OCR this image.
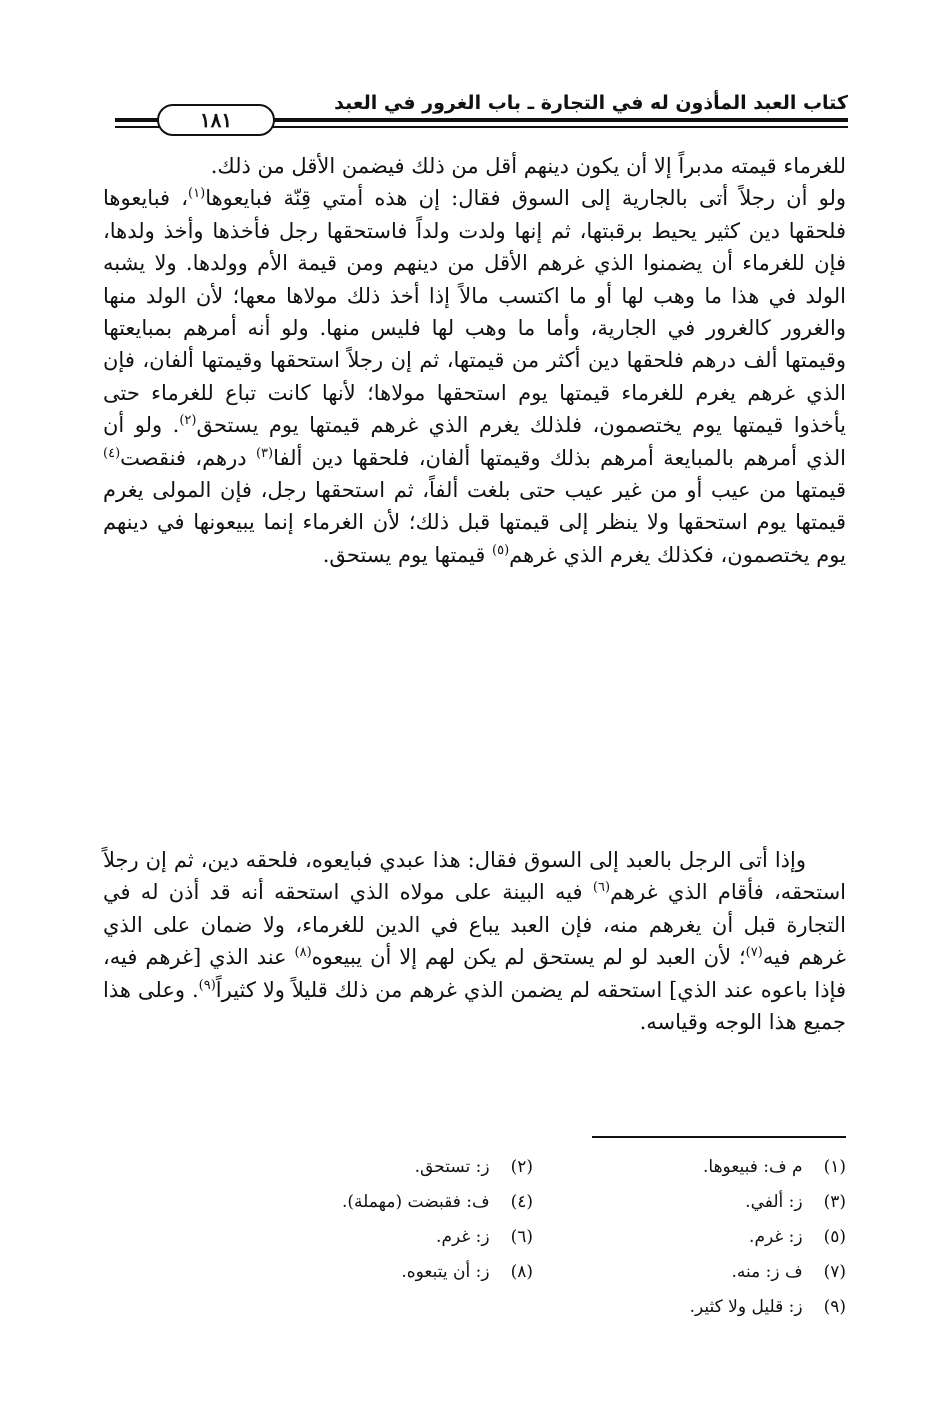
كتاب العبد المأذون له في التجارة ـ باب الغرور في العبد
١٨١

للغرماء قيمته مدبراً إلا أن يكون دينهم أقل من ذلك فيضمن الأقل من ذلك.
ولو أن رجلاً أتى بالجارية إلى السوق فقال: إن هذه أمتي قِنّة فبايعوها$^{(١)}$، فبايعوها فلحقها دين كثير يحيط برقبتها، ثم إنها ولدت ولداً فاستحقها رجل فأخذها وأخذ ولدها، فإن للغرماء أن يضمنوا الذي غرهم الأقل من دينهم ومن قيمة الأم وولدها. ولا يشبه الولد في هذا ما وهب لها أو ما اكتسب مالاً إذا أخذ ذلك مولاها معها؛ لأن الولد منها والغرور كالغرور في الجارية، وأما ما وهب لها فليس منها. ولو أنه أمرهم بمبايعتها وقيمتها ألف درهم فلحقها دين أكثر من قيمتها، ثم إن رجلاً استحقها وقيمتها ألفان، فإن الذي غرهم يغرم للغرماء قيمتها يوم استحقها مولاها؛ لأنها كانت تباع للغرماء حتى يأخذوا قيمتها يوم يختصمون، فلذلك يغرم الذي غرهم قيمتها يوم يستحق$^{(٢)}$. ولو أن الذي أمرهم بالمبايعة أمرهم بذلك وقيمتها ألفان، فلحقها دين ألفا$^{(٣)}$ درهم، فنقصت$^{(٤)}$ قيمتها من عيب أو من غير عيب حتى بلغت ألفاً، ثم استحقها رجل، فإن المولى يغرم قيمتها يوم استحقها ولا ينظر إلى قيمتها قبل ذلك؛ لأن الغرماء إنما يبيعونها في دينهم يوم يختصمون، فكذلك يغرم الذي غرهم$^{(٥)}$ قيمتها يوم يستحق.

وإذا أتى الرجل بالعبد إلى السوق فقال: هذا عبدي فبايعوه، فلحقه دين، ثم إن رجلاً استحقه، فأقام الذي غرهم$^{(٦)}$ فيه البينة على مولاه الذي استحقه أنه قد أذن له في التجارة قبل أن يغرهم منه، فإن العبد يباع في الدين للغرماء، ولا ضمان على الذي غرهم فيه$^{(٧)}$؛ لأن العبد لو لم يستحق لم يكن لهم إلا أن يبيعوه$^{(٨)}$ عند الذي [غرهم فيه، فإذا باعوه عند الذي] استحقه لم يضمن الذي غرهم من ذلك قليلاً ولا كثيراً$^{(٩)}$. وعلى هذا جميع هذا الوجه وقياسه.

(١) م ف: فبيعوها.
(٢) ز: تستحق.
(٣) ز: ألفي.
(٤) ف: فقبضت (مهملة).
(٥) ز: غرم.
(٦) ز: غرم.
(٧) ف ز: منه.
(٨) ز: أن يتبعوه.
(٩) ز: قليل ولا كثير.
